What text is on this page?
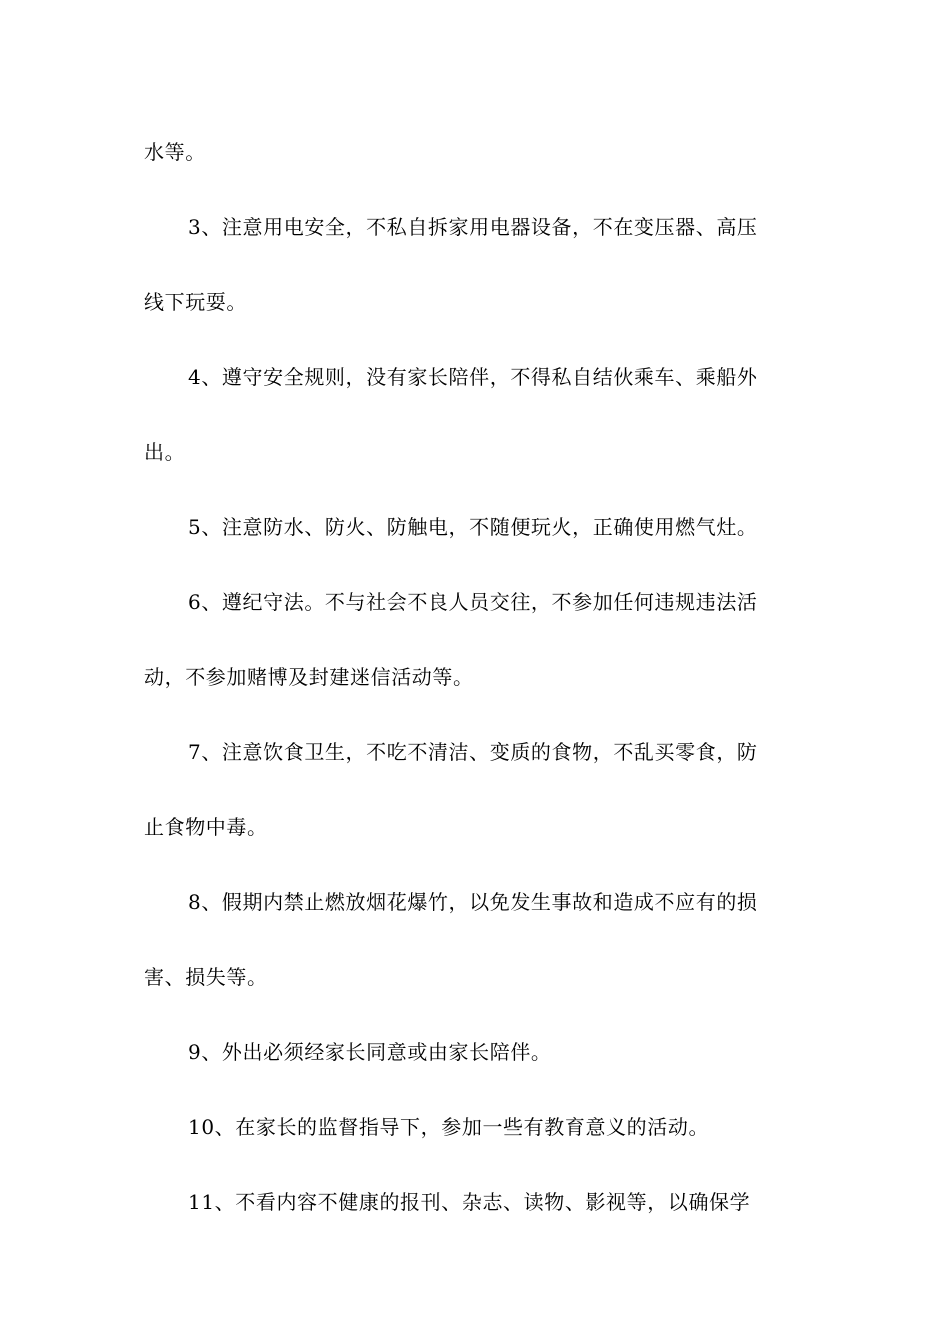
水等。
3、注意用电安全，不私自拆家用电器设备，不在变压器、高压
线下玩耍。
4、遵守安全规则，没有家长陪伴，不得私自结伙乘车、乘船外
出。
5、注意防水、防火、防触电，不随便玩火，正确使用燃气灶。
6、遵纪守法。不与社会不良人员交往，不参加任何违规违法活
动，不参加赌博及封建迷信活动等。
7、注意饮食卫生，不吃不清洁、变质的食物，不乱买零食，防
止食物中毒。
8、假期内禁止燃放烟花爆竹，以免发生事故和造成不应有的损
害、损失等。
9、外出必须经家长同意或由家长陪伴。
10、在家长的监督指导下，参加一些有教育意义的活动。
11、不看内容不健康的报刊、杂志、读物、影视等，以确保学
